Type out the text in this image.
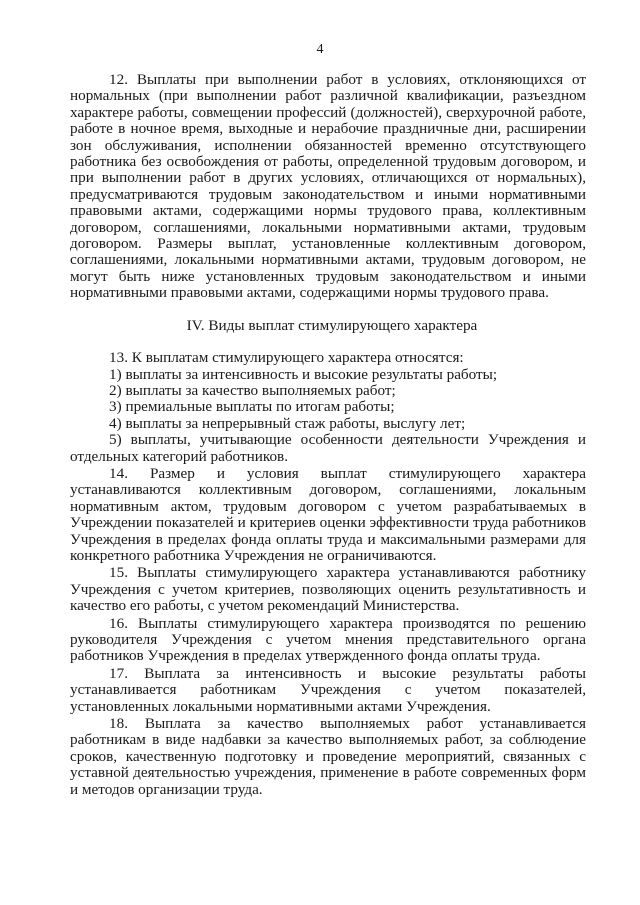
4

12. Выплаты при выполнении работ в условиях, отклоняющихся от нормальных (при выполнении работ различной квалификации, разъездном характере работы, совмещении профессий (должностей), сверхурочной работе, работе в ночное время, выходные и нерабочие праздничные дни, расширении зон обслуживания, исполнении обязанностей временно отсутствующего работника без освобождения от работы, определенной трудовым договором, и при выполнении работ в других условиях, отличающихся от нормальных), предусматриваются трудовым законодательством и иными нормативными правовыми актами, содержащими нормы трудового права, коллективным договором, соглашениями, локальными нормативными актами, трудовым договором. Размеры выплат, установленные коллективным договором, соглашениями, локальными нормативными актами, трудовым договором, не могут быть ниже установленных трудовым законодательством и иными нормативными правовыми актами, содержащими нормы трудового права.

IV. Виды выплат стимулирующего характера

13. К выплатам стимулирующего характера относятся:

1) выплаты за интенсивность и высокие результаты работы;

2) выплаты за качество выполняемых работ;

3) премиальные выплаты по итогам работы;

4) выплаты за непрерывный стаж работы, выслугу лет;

5) выплаты, учитывающие особенности деятельности Учреждения и отдельных категорий работников.

14. Размер и условия выплат стимулирующего характера устанавливаются коллективным договором, соглашениями, локальным нормативным актом, трудовым договором с учетом разрабатываемых в Учреждении показателей и критериев оценки эффективности труда работников Учреждения в пределах фонда оплаты труда и максимальными размерами для конкретного работника Учреждения не ограничиваются.

15. Выплаты стимулирующего характера устанавливаются работнику Учреждения с учетом критериев, позволяющих оценить результативность и качество его работы, с учетом рекомендаций Министерства.

16. Выплаты стимулирующего характера производятся по решению руководителя Учреждения с учетом мнения представительного органа работников Учреждения в пределах утвержденного фонда оплаты труда.

17. Выплата за интенсивность и высокие результаты работы устанавливается работникам Учреждения с учетом показателей, установленных локальными нормативными актами Учреждения.

18. Выплата за качество выполняемых работ устанавливается работникам в виде надбавки за качество выполняемых работ, за соблюдение сроков, качественную подготовку и проведение мероприятий, связанных с уставной деятельностью учреждения, применение в работе современных форм и методов организации труда.
